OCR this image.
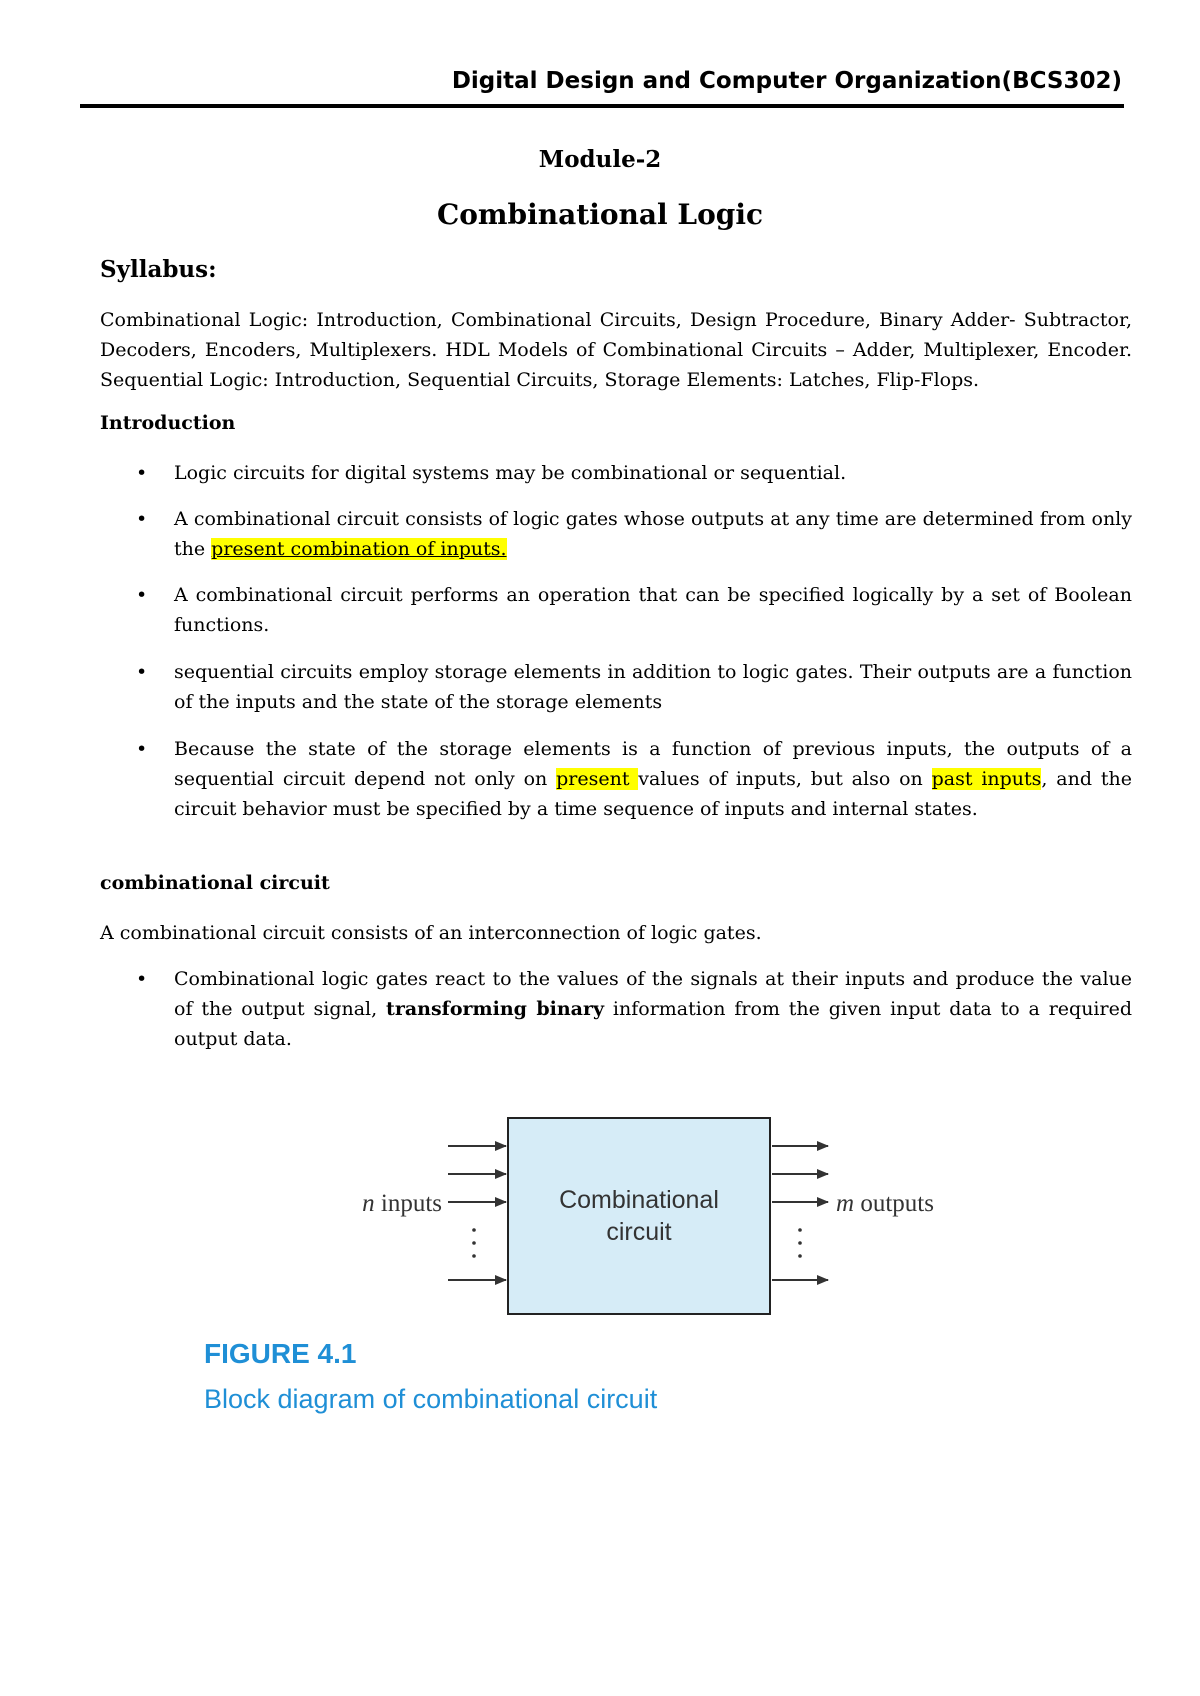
Digital Design and Computer Organization(BCS302)
Module-2
Combinational Logic
Syllabus:
Combinational Logic: Introduction, Combinational Circuits, Design Procedure, Binary Adder- Subtractor, Decoders, Encoders, Multiplexers. HDL Models of Combinational Circuits – Adder, Multiplexer, Encoder. Sequential Logic: Introduction, Sequential Circuits, Storage Elements: Latches, Flip-Flops.
Introduction
• Logic circuits for digital systems may be combinational or sequential.
• A combinational circuit consists of logic gates whose outputs at any time are determined from only the present combination of inputs.
• A combinational circuit performs an operation that can be specified logically by a set of Boolean functions.
• sequential circuits employ storage elements in addition to logic gates. Their outputs are a function of the inputs and the state of the storage elements
• Because the state of the storage elements is a function of previous inputs, the outputs of a sequential circuit depend not only on present values of inputs, but also on past inputs, and the circuit behavior must be specified by a time sequence of inputs and internal states.
combinational circuit
A combinational circuit consists of an interconnection of logic gates.
• Combinational logic gates react to the values of the signals at their inputs and produce the value of the output signal, transforming binary information from the given input data to a required output data.
Combinational
circuit
n inputs	m outputs
FIGURE 4.1
Block diagram of combinational circuit
